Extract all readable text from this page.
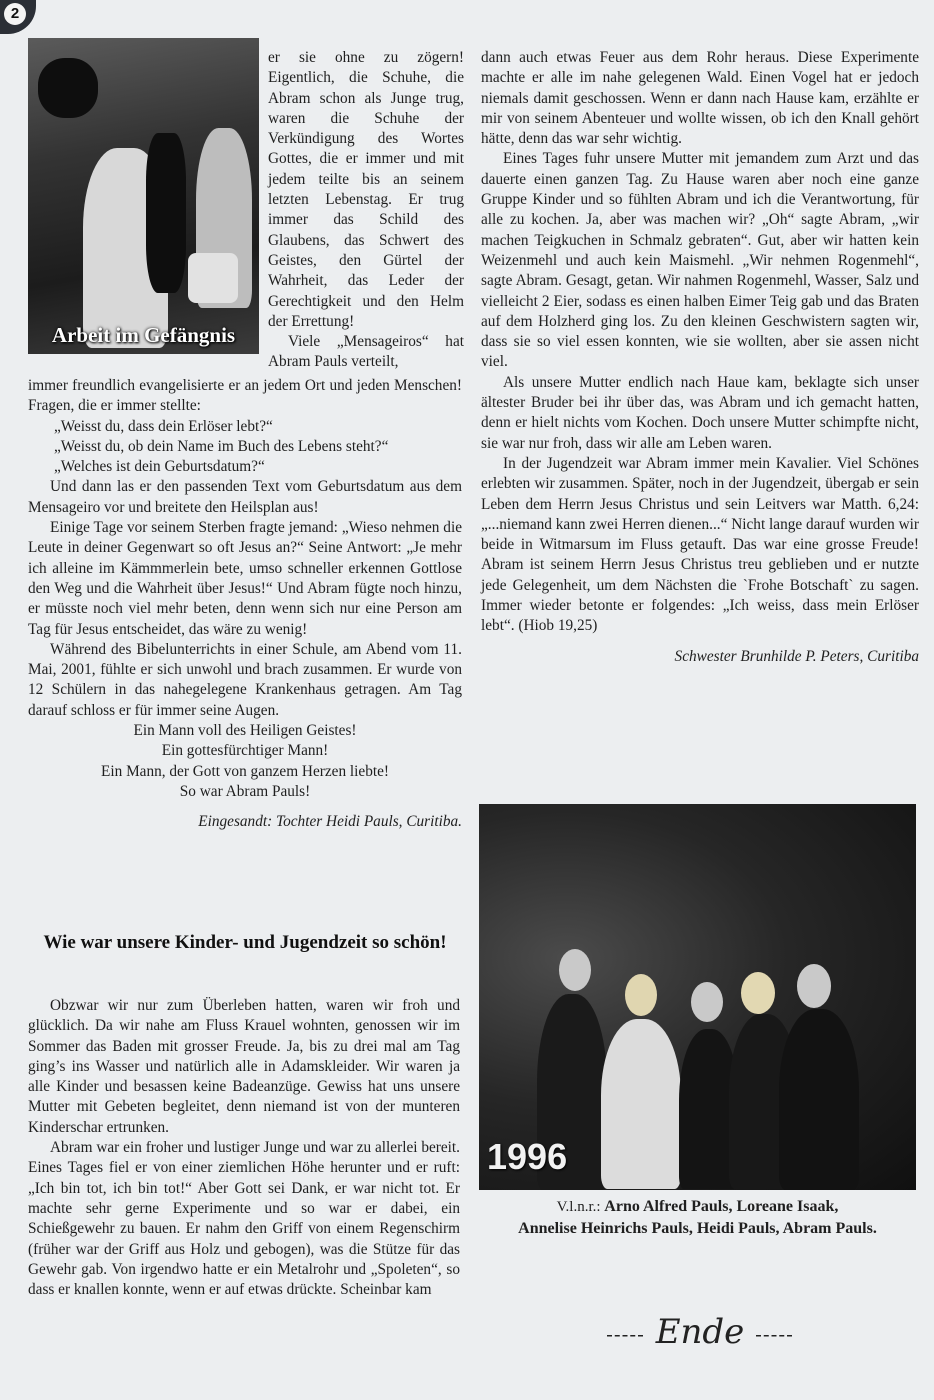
2
Arbeit im Gefängnis

er sie ohne zu zögern! Eigentlich, die Schuhe, die Abram schon als Junge trug, waren die Schuhe der Verkündigung des Wortes Gottes, die er immer und mit jedem teilte bis an seinem letzten Lebenstag. Er trug immer das Schild des Glaubens, das Schwert des Geistes, den Gürtel der Wahrheit, das Leder der Gerechtigkeit und den Helm der Errettung!

Viele „Mensageiros“ hat Abram Pauls verteilt,

immer freundlich evangelisierte er an jedem Ort und jeden Menschen! Fragen, die er immer stellte:

„Weisst du, dass dein Erlöser lebt?“

„Weisst du, ob dein Name im Buch des Lebens steht?“

„Welches ist dein Geburtsdatum?“

Und dann las er den passenden Text vom Geburtsdatum aus dem Mensageiro vor und breitete den Heilsplan aus!

Einige Tage vor seinem Sterben fragte jemand: „Wieso nehmen die Leute in deiner Gegenwart so oft Jesus an?“ Seine Antwort: „Je mehr ich alleine im Kämmmerlein bete, umso schneller erkennen Gottlose den Weg und die Wahrheit über Jesus!“ Und Abram fügte noch hinzu, er müsste noch viel mehr beten, denn wenn sich nur eine Person am Tag für Jesus entscheidet, das wäre zu wenig!

Während des Bibelunterrichts in einer Schule, am Abend vom 11. Mai, 2001, fühlte er sich unwohl und brach zusammen. Er wurde von 12 Schülern in das nahegelegene Krankenhaus getragen. Am Tag darauf schloss er für immer seine Augen.

Ein Mann voll des Heiligen Geistes!

Ein gottesfürchtiger Mann!

Ein Mann, der Gott von ganzem Herzen liebte!

So war Abram Pauls!

Eingesandt: Tochter Heidi Pauls, Curitiba.

Wie war unsere Kinder- und Jugendzeit so schön!

Obzwar wir nur zum Überleben hatten, waren wir froh und glücklich. Da wir nahe am Fluss Krauel wohnten, genossen wir im Sommer das Baden mit grosser Freude. Ja, bis zu drei mal am Tag ging’s ins Wasser und natürlich alle in Adamskleider. Wir waren ja alle Kinder und besassen keine Badeanzüge. Gewiss hat uns unsere Mutter mit Gebeten begleitet, denn niemand ist von der munteren Kinderschar ertrunken.

Abram war ein froher und lustiger Junge und war zu allerlei bereit. Eines Tages fiel er von einer ziemlichen Höhe herunter und er ruft: „Ich bin tot, ich bin tot!“ Aber Gott sei Dank, er war nicht tot. Er machte sehr gerne Experimente und so war er dabei, ein Schießgewehr zu bauen. Er nahm den Griff von einem Regenschirm (früher war der Griff aus Holz und gebogen), was die Stütze für das Gewehr gab. Von irgendwo hatte er ein Metalrohr und „Spoleten“, so dass er knallen konnte, wenn er auf etwas drückte. Scheinbar kam

dann auch etwas Feuer aus dem Rohr heraus. Diese Experimente machte er alle im nahe gelegenen Wald. Einen Vogel hat er jedoch niemals damit geschossen. Wenn er dann nach Hause kam, erzählte er mir von seinem Abenteuer und wollte wissen, ob ich den Knall gehört hätte, denn das war sehr wichtig.

Eines Tages fuhr unsere Mutter mit jemandem zum Arzt und das dauerte einen ganzen Tag. Zu Hause waren aber noch eine ganze Gruppe Kinder und so fühlten Abram und ich die Verantwortung, für alle zu kochen. Ja, aber was machen wir? „Oh“ sagte Abram, „wir machen Teigkuchen in Schmalz gebraten“. Gut, aber wir hatten kein Weizenmehl und auch kein Maismehl. „Wir nehmen Rogenmehl“, sagte Abram. Gesagt, getan. Wir nahmen Rogenmehl, Wasser, Salz und vielleicht 2 Eier, sodass es einen halben Eimer Teig gab und das Braten auf dem Holzherd ging los. Zu den kleinen Geschwistern sagten wir, dass sie so viel essen konnten, wie sie wollten, aber sie assen nicht viel.

Als unsere Mutter endlich nach Haue kam, beklagte sich unser ältester Bruder bei ihr über das, was Abram und ich gemacht hatten, denn er hielt nichts vom Kochen. Doch unsere Mutter schimpfte nicht, sie war nur froh, dass wir alle am Leben waren.

In der Jugendzeit war Abram immer mein Kavalier. Viel Schönes erlebten wir zusammen. Später, noch in der Jugendzeit, übergab er sein Leben dem Herrn Jesus Christus und sein Leitvers war Matth. 6,24: „...niemand kann zwei Herren dienen...“ Nicht lange darauf wurden wir beide in Witmarsum im Fluss getauft. Das war eine grosse Freude! Abram ist seinem Herrn Jesus Christus treu geblieben und er nutzte jede Gelegenheit, um dem Nächsten die `Frohe Botschaft` zu sagen. Immer wieder betonte er folgendes: „Ich weiss, dass mein Erlöser lebt“. (Hiob 19,25)

Schwester Brunhilde P. Peters, Curitiba

1996
V.l.n.r.: Arno Alfred Pauls, Loreane Isaak,
Annelise Heinrichs Pauls, Heidi Pauls, Abram Pauls.
----- Ende -----
